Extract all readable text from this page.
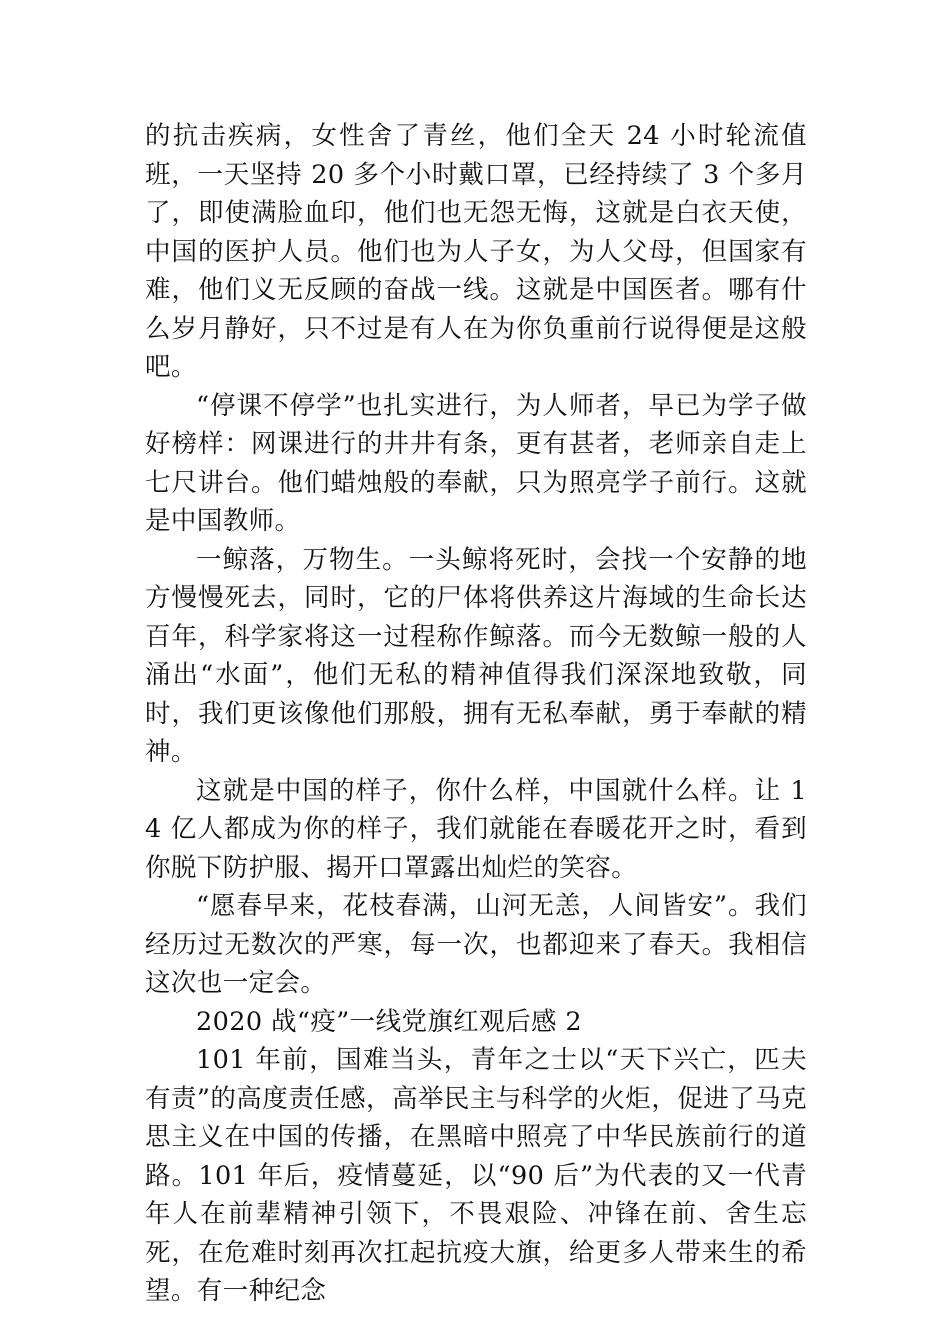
的抗击疾病，女性舍了青丝，他们全天 24 小时轮流值班，一天坚持 20 多个小时戴口罩，已经持续了 3 个多月了，即使满脸血印，他们也无怨无悔，这就是白衣天使，中国的医护人员。他们也为人子女，为人父母，但国家有难，他们义无反顾的奋战一线。这就是中国医者。哪有什么岁月静好，只不过是有人在为你负重前行说得便是这般吧。

“停课不停学”也扎实进行，为人师者，早已为学子做好榜样：网课进行的井井有条，更有甚者，老师亲自走上七尺讲台。他们蜡烛般的奉献，只为照亮学子前行。这就是中国教师。

一鲸落，万物生。一头鲸将死时，会找一个安静的地方慢慢死去，同时，它的尸体将供养这片海域的生命长达百年，科学家将这一过程称作鲸落。而今无数鲸一般的人涌出“水面”，他们无私的精神值得我们深深地致敬，同时，我们更该像他们那般，拥有无私奉献，勇于奉献的精神。

这就是中国的样子，你什么样，中国就什么样。让 14 亿人都成为你的样子，我们就能在春暖花开之时，看到你脱下防护服、揭开口罩露出灿烂的笑容。

“愿春早来，花枝春满，山河无恙，人间皆安”。我们经历过无数次的严寒，每一次，也都迎来了春天。我相信这次也一定会。

2020 战“疫”一线党旗红观后感 2

101 年前，国难当头，青年之士以“天下兴亡，匹夫有责”的高度责任感，高举民主与科学的火炬，促进了马克思主义在中国的传播，在黑暗中照亮了中华民族前行的道路。101 年后，疫情蔓延，以“90 后”为代表的又一代青年人在前辈精神引领下，不畏艰险、冲锋在前、舍生忘死，在危难时刻再次扛起抗疫大旗，给更多人带来生的希望。有一种纪念
